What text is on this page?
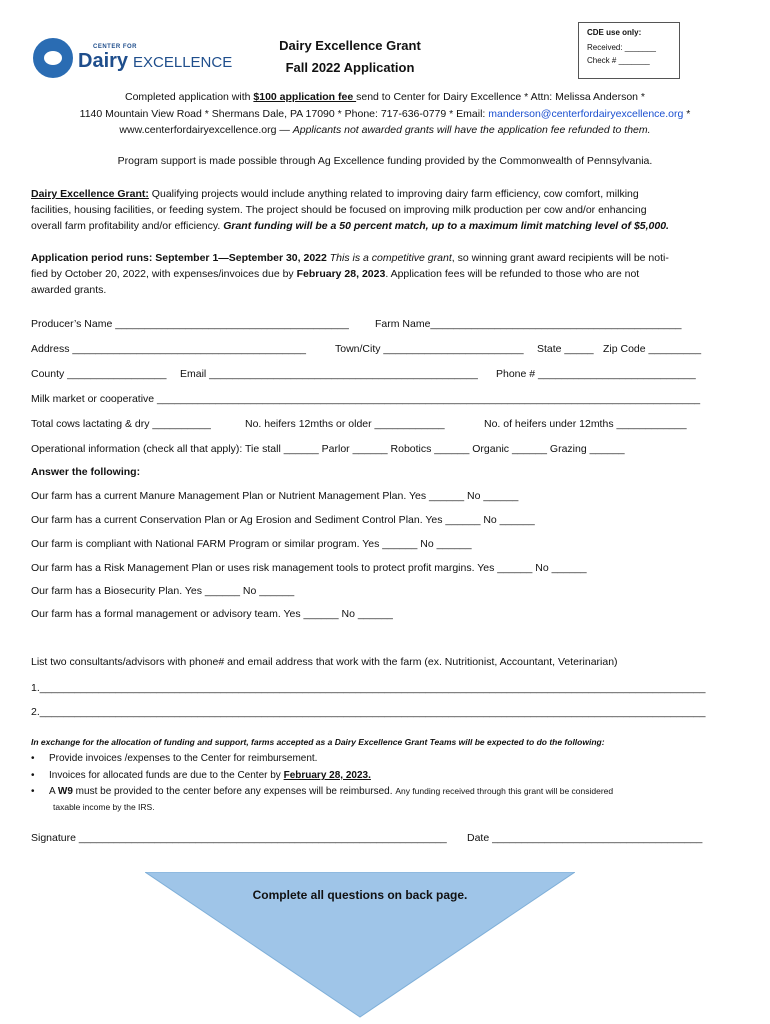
CENTER FOR
Dairy EXCELLENCE
Dairy Excellence Grant
Fall 2022 Application
CDE use only:
Received: _______
Check # _______
Completed application with $100 application fee send to Center for Dairy Excellence * Attn: Melissa Anderson *
1140 Mountain View Road * Shermans Dale, PA 17090 * Phone: 717-636-0779 * Email: manderson@centerfordairyexcellence.org *
www.centerfordairyexcellence.org — Applicants not awarded grants will have the application fee refunded to them.
Program support is made possible through Ag Excellence funding provided by the Commonwealth of Pennsylvania.
Dairy Excellence Grant: Qualifying projects would include anything related to improving dairy farm efficiency, cow comfort, milking
facilities, housing facilities, or feeding system. The project should be focused on improving milk production per cow and/or enhancing
overall farm profitability and/or efficiency. Grant funding will be a 50 percent match, up to a maximum limit matching level of $5,000.
Application period runs: September 1—September 30, 2022 This is a competitive grant, so winning grant award recipients will be noti-
fied by October 20, 2022, with expenses/invoices due by February 28, 2023. Application fees will be refunded to those who are not
awarded grants.
Producer’s Name ________________________________________ Farm Name___________________________________________
Address ________________________________________	Town/City ________________________ State _____ Zip Code _________
County _________________ Email ______________________________________________ Phone # ___________________________
Milk market or cooperative _____________________________________________________________________________________________
Total cows lactating & dry __________	No. heifers 12mths or older ____________	No. of heifers under 12mths ____________
Operational information (check all that apply): Tie stall ______ Parlor ______ Robotics ______ Organic ______ Grazing ______
Answer the following:
Our farm has a current Manure Management Plan or Nutrient Management Plan. Yes ______ No ______
Our farm has a current Conservation Plan or Ag Erosion and Sediment Control Plan. Yes ______ No ______
Our farm is compliant with National FARM Program or similar program. Yes ______ No ______
Our farm has a Risk Management Plan or uses risk management tools to protect profit margins. Yes ______ No ______
Our farm has a Biosecurity Plan. Yes ______ No ______
Our farm has a formal management or advisory team. Yes ______ No ______
List two consultants/advisors with phone# and email address that work with the farm (ex. Nutritionist, Accountant, Veterinarian)
1.__________________________________________________________________________________________________________________
2.__________________________________________________________________________________________________________________
In exchange for the allocation of funding and support, farms accepted as a Dairy Excellence Grant Teams will be expected to do the following:
• Provide invoices /expenses to the Center for reimbursement.
• Invoices for allocated funds are due to the Center by February 28, 2023.
• A W9 must be provided to the center before any expenses will be reimbursed. Any funding received through this grant will be considered
taxable income by the IRS.
Signature _______________________________________________________________ Date ____________________________________
Complete all questions on back page.
